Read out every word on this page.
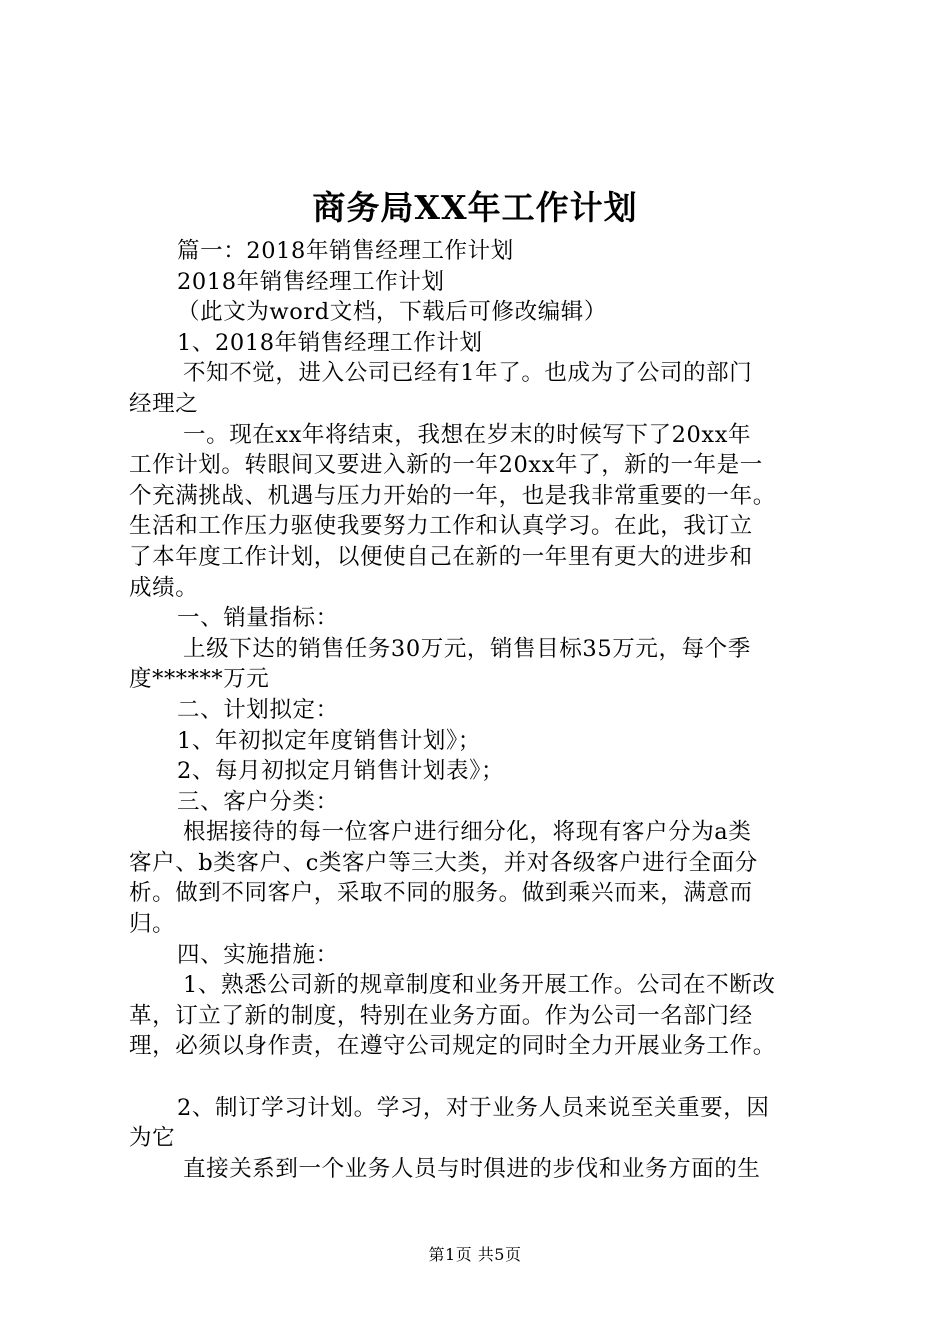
商务局XX年工作计划
篇一：2018年销售经理工作计划
2018年销售经理工作计划
（此文为word文档，下载后可修改编辑）
1、2018年销售经理工作计划
不知不觉，进入公司已经有1年了。也成为了公司的部门
经理之
一。现在xx年将结束，我想在岁末的时候写下了20xx年
工作计划。转眼间又要进入新的一年20xx年了，新的一年是一
个充满挑战、机遇与压力开始的一年，也是我非常重要的一年。
生活和工作压力驱使我要努力工作和认真学习。在此，我订立
了本年度工作计划，以便使自己在新的一年里有更大的进步和
成绩。
一、销量指标：
上级下达的销售任务30万元，销售目标35万元，每个季
度******万元
二、计划拟定：
1、年初拟定年度销售计划》；
2、每月初拟定月销售计划表》；
三、客户分类：
根据接待的每一位客户进行细分化，将现有客户分为a类
客户、b类客户、c类客户等三大类，并对各级客户进行全面分
析。做到不同客户，采取不同的服务。做到乘兴而来，满意而
归。
四、实施措施：
1、熟悉公司新的规章制度和业务开展工作。公司在不断改
革，订立了新的制度，特别在业务方面。作为公司一名部门经
理，必须以身作责，在遵守公司规定的同时全力开展业务工作。
2、制订学习计划。学习，对于业务人员来说至关重要，因
为它
直接关系到一个业务人员与时俱进的步伐和业务方面的生
第1页 共5页
